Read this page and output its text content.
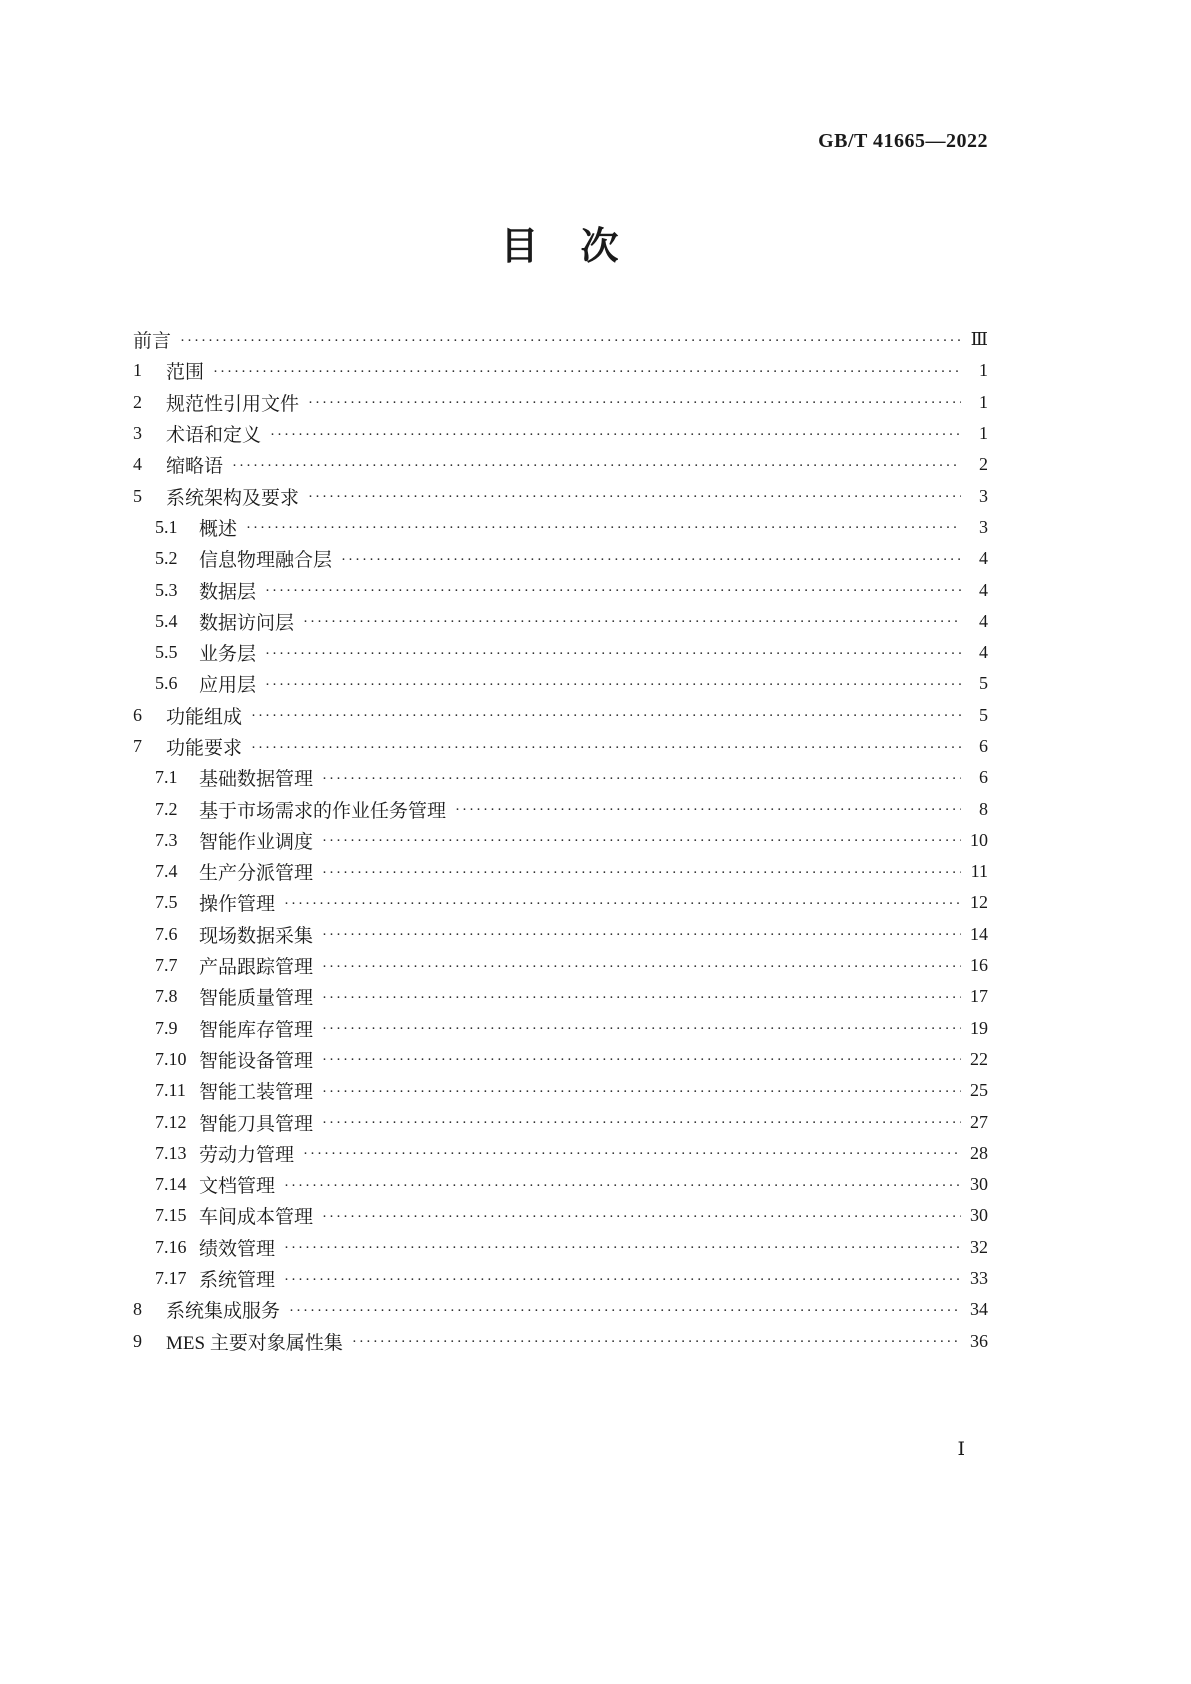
GB/T 41665—2022
目　次
前言 ·····	Ⅲ
1	范围 ·····	1
2	规范性引用文件 ·····	1
3	术语和定义 ·····	1
4	缩略语 ·····	2
5	系统架构及要求 ·····	3
5.1	概述 ·····	3
5.2	信息物理融合层 ·····	4
5.3	数据层 ·····	4
5.4	数据访问层 ·····	4
5.5	业务层 ·····	4
5.6	应用层 ·····	5
6	功能组成 ·····	5
7	功能要求 ·····	6
7.1	基础数据管理 ·····	6
7.2	基于市场需求的作业任务管理 ·····	8
7.3	智能作业调度 ·····	10
7.4	生产分派管理 ·····	11
7.5	操作管理 ·····	12
7.6	现场数据采集 ·····	14
7.7	产品跟踪管理 ·····	16
7.8	智能质量管理 ·····	17
7.9	智能库存管理 ·····	19
7.10 智能设备管理 ·····	22
7.11 智能工装管理 ·····	25
7.12 智能刀具管理 ·····	27
7.13 劳动力管理 ·····	28
7.14 文档管理 ·····	30
7.15 车间成本管理 ·····	30
7.16 绩效管理 ·····	32
7.17 系统管理 ·····	33
8	系统集成服务 ·····	34
9	MES 主要对象属性集 ·····	36
Ⅰ
